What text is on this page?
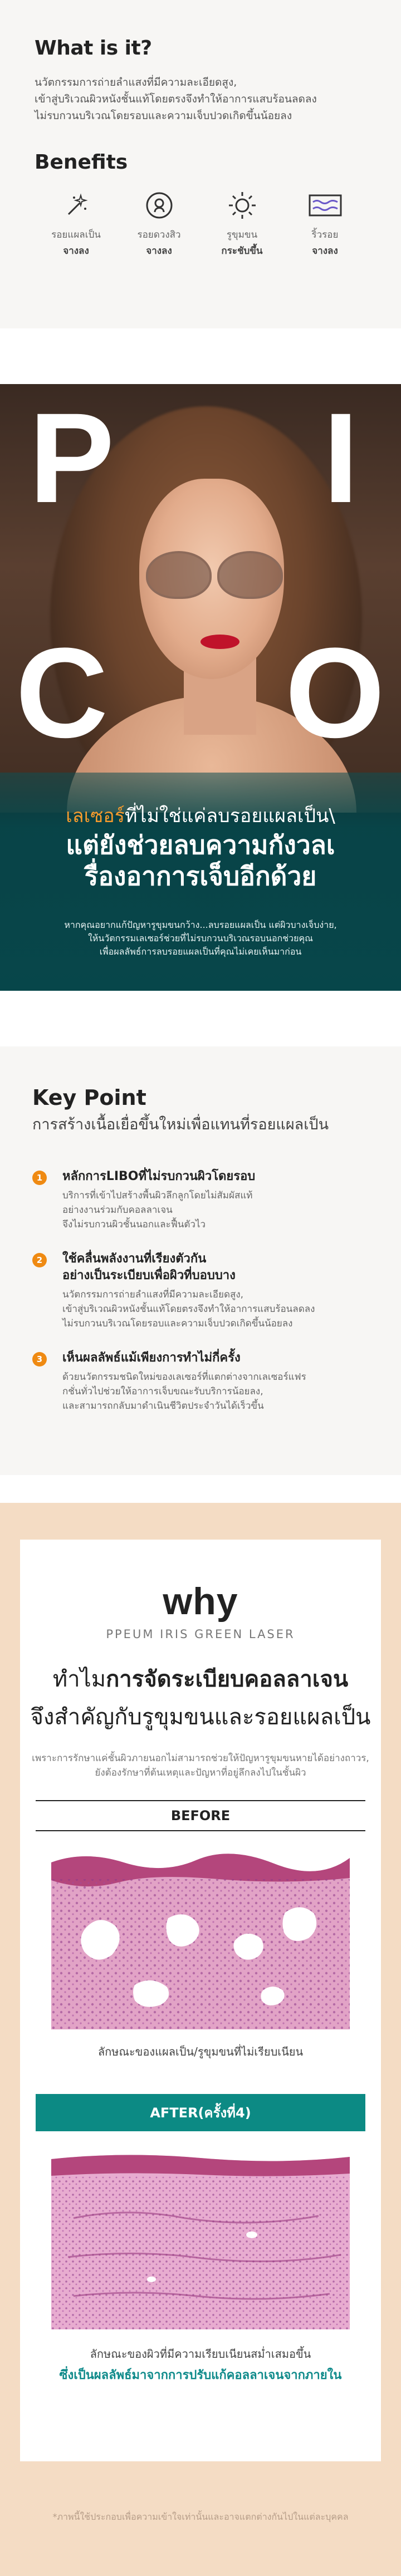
What is it?
นวัตกรรมการถ่ายลำแสงที่มีความละเอียดสูง,
เข้าสู่บริเวณผิวหนังชั้นแท้โดยตรงจึงทำให้อาการแสบร้อนลดลง
ไม่รบกวนบริเวณโดยรอบและความเจ็บปวดเกิดขึ้นน้อยลง
Benefits
รอยแผลเป็น
จางลง
รอยดวงสิว
จางลง
รูขุมขน
กระชับขึ้น
ริ้วรอย
จางลง
P I
C O
เลเซอร์ที่ไม่ใช่แค่ลบรอยแผลเป็น\
แต่ยังช่วยลบความกังวลเ
รื่องอาการเจ็บอีกด้วย
หากคุณอยากแก้ปัญหารูขุมขนกว้าง...ลบรอยแผลเป็น แต่ผิวบางเจ็บง่าย,
ให้นวัตกรรมเลเซอร์ช่วยที่ไม่รบกวนบริเวณรอบนอกช่วยคุณ
เพื่อผลลัพธ์การลบรอยแผลเป็นที่คุณไม่เคยเห็นมาก่อน
Key Point
การสร้างเนื้อเยื่อขึ้นใหม่เพื่อแทนที่รอยแผลเป็น
1	หลักการLIBOที่ไม่รบกวนผิวโดยรอบ
บริการที่เข้าไปสร้างพื้นผิวลึกลูกโดยไม่สัมผัสแท้
อย่างงานร่วมกับคอลลาเจน
จึงไม่รบกวนผิวชั้นนอกและฟื้นตัวไว
2	ใช้คลื่นพลังงานที่เรียงตัวกัน
อย่างเป็นระเบียบเพื่อผิวที่บอบบาง
นวัตกรรมการถ่ายลำแสงที่มีความละเอียดสูง,
เข้าสู่บริเวณผิวหนังชั้นแท้โดยตรงจึงทำให้อาการแสบร้อนลดลง
ไม่รบกวนบริเวณโดยรอบและความเจ็บปวดเกิดขึ้นน้อยลง
3	เห็นผลลัพธ์แม้เพียงการทำไม่กี่ครั้ง
ด้วยนวัตกรรมชนิดใหม่ของเลเซอร์ที่แตกต่างจากเลเซอร์แฟร
กชั่นทั่วไปช่วยให้อาการเจ็บขณะรับบริการน้อยลง,
และสามารถกลับมาดำเนินชีวิตประจำวันได้เร็วขึ้น
why
PPEUM IRIS GREEN LASER
ทำไมการจัดระเบียบคอลลาเจน
จึงสำคัญกับรูขุมขนและรอยแผลเป็น
เพราะการรักษาแค่ชั้นผิวภายนอกไม่สามารถช่วยให้ปัญหารูขุมขนหายได้อย่างถาวร,
ยังต้องรักษาที่ต้นเหตุและปัญหาที่อยู่ลึกลงไปในชั้นผิว
BEFORE
ลักษณะของแผลเป็น/รูขุมขนที่ไม่เรียบเนียน
AFTER(ครั้งที่4)
ลักษณะของผิวที่มีความเรียบเนียนสม่ำเสมอขึ้น
ซึ่งเป็นผลลัพธ์มาจากการปรับแก้คอลลาเจนจากภายใน
*ภาพนี้ใช้ประกอบเพื่อความเข้าใจเท่านั้นและอาจแตกต่างกันไปในแต่ละบุคคล
